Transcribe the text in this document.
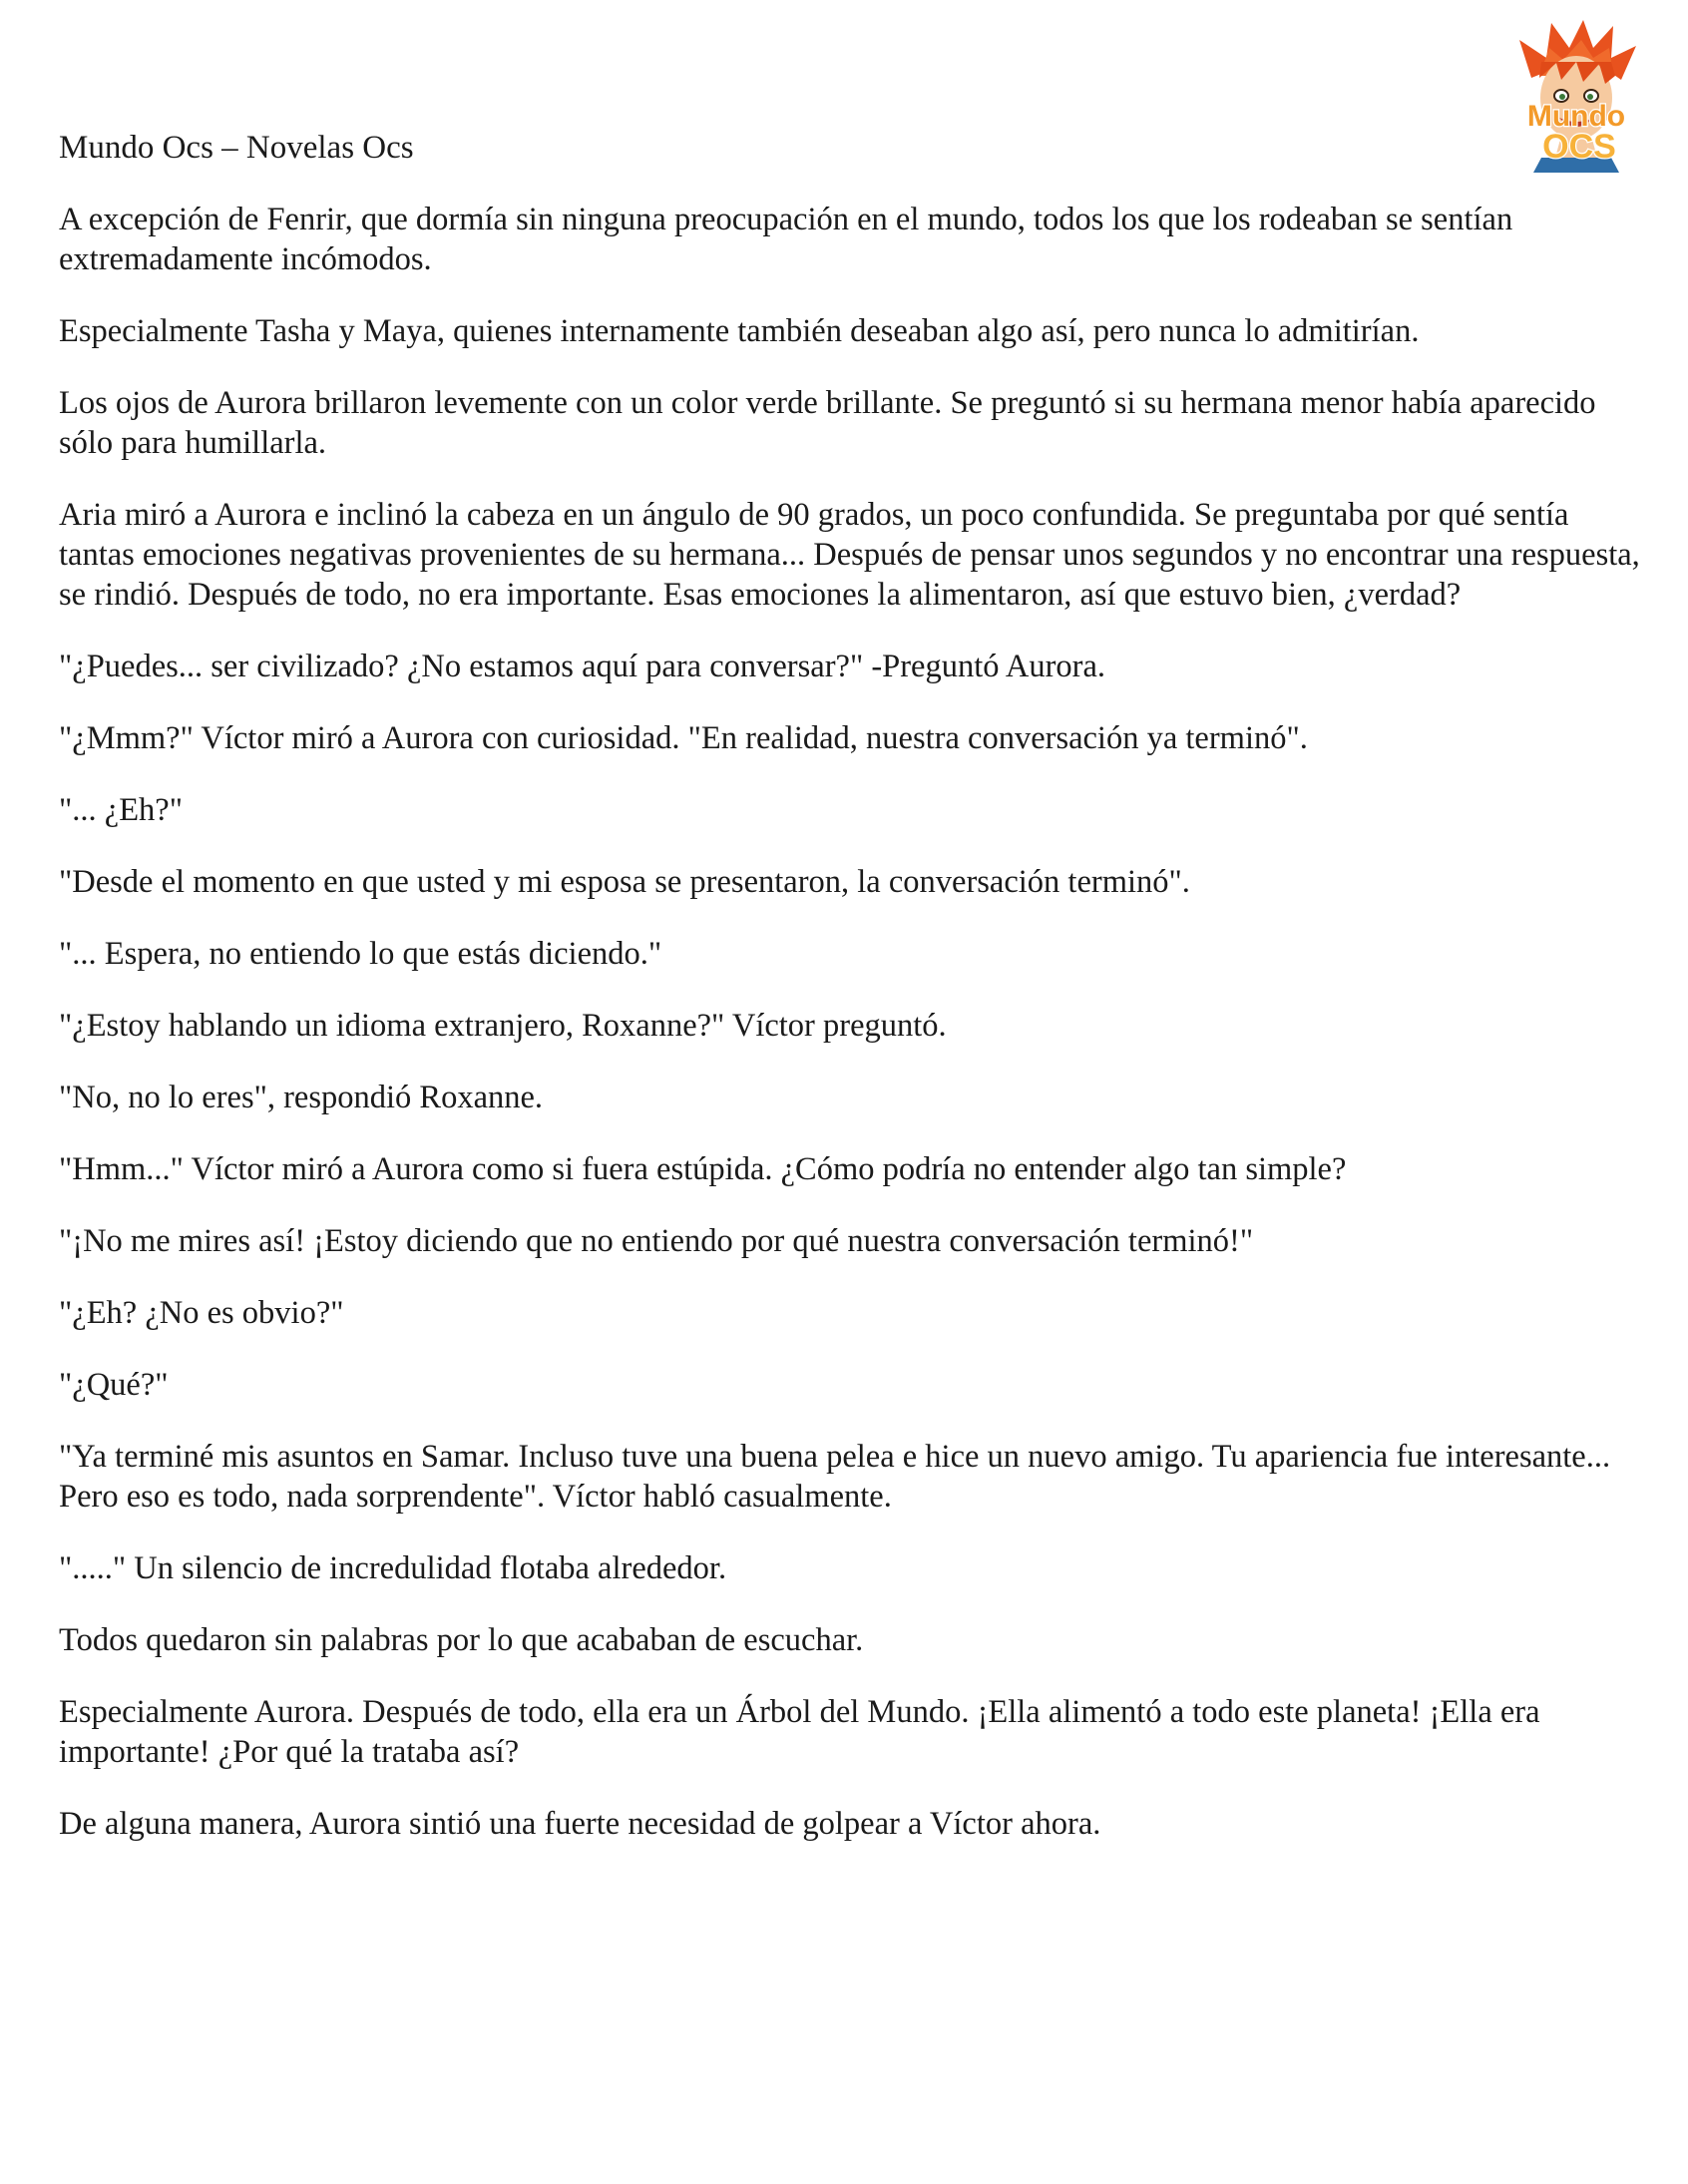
Mundo Ocs – Novelas Ocs
Mundo
OCS

A excepción de Fenrir, que dormía sin ninguna preocupación en el mundo, todos los que los rodeaban se sentían extremadamente incómodos.

Especialmente Tasha y Maya, quienes internamente también deseaban algo así, pero nunca lo admitirían.

Los ojos de Aurora brillaron levemente con un color verde brillante. Se preguntó si su hermana menor había aparecido sólo para humillarla.

Aria miró a Aurora e inclinó la cabeza en un ángulo de 90 grados, un poco confundida. Se preguntaba por qué sentía tantas emociones negativas provenientes de su hermana... Después de pensar unos segundos y no encontrar una respuesta, se rindió. Después de todo, no era importante. Esas emociones la alimentaron, así que estuvo bien, ¿verdad?

"¿Puedes... ser civilizado? ¿No estamos aquí para conversar?" -Preguntó Aurora.

"¿Mmm?" Víctor miró a Aurora con curiosidad. "En realidad, nuestra conversación ya terminó".

"... ¿Eh?"

"Desde el momento en que usted y mi esposa se presentaron, la conversación terminó".

"... Espera, no entiendo lo que estás diciendo."

"¿Estoy hablando un idioma extranjero, Roxanne?" Víctor preguntó.

"No, no lo eres", respondió Roxanne.

"Hmm..." Víctor miró a Aurora como si fuera estúpida. ¿Cómo podría no entender algo tan simple?

"¡No me mires así! ¡Estoy diciendo que no entiendo por qué nuestra conversación terminó!"

"¿Eh? ¿No es obvio?"

"¿Qué?"

"Ya terminé mis asuntos en Samar. Incluso tuve una buena pelea e hice un nuevo amigo. Tu apariencia fue interesante... Pero eso es todo, nada sorprendente". Víctor habló casualmente.

"....." Un silencio de incredulidad flotaba alrededor.

Todos quedaron sin palabras por lo que acababan de escuchar.

Especialmente Aurora. Después de todo, ella era un Árbol del Mundo. ¡Ella alimentó a todo este planeta! ¡Ella era importante! ¿Por qué la trataba así?

De alguna manera, Aurora sintió una fuerte necesidad de golpear a Víctor ahora.
